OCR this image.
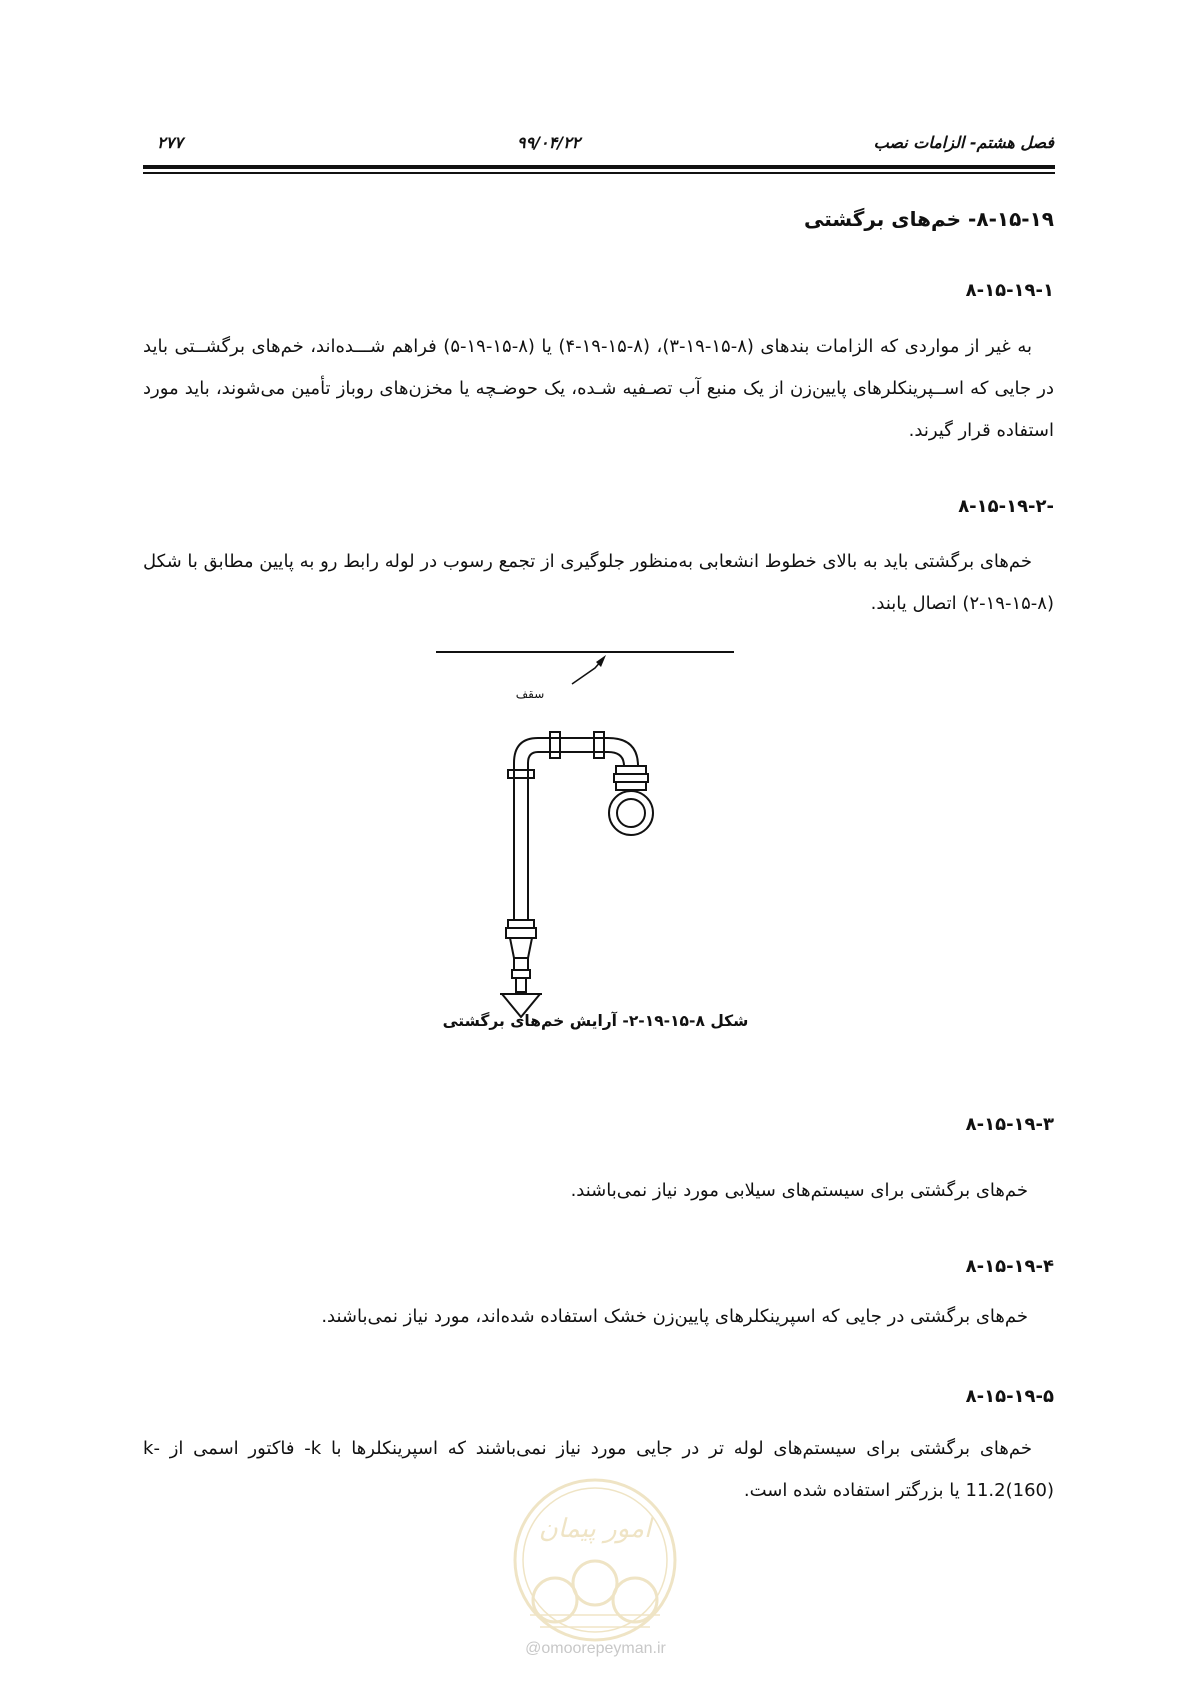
فصل هشتم- الزامات نصب
۹۹/۰۴/۲۲
۲۷۷
۸-۱۵-۱۹- خم‌های برگشتی
۸-۱۵-۱۹-۱
به غیر از مواردی که الزامات بندهای (۸-۱۵-۱۹-۳)، (۸-۱۵-۱۹-۴) یا (۸-۱۵-۱۹-۵) فراهم شـــده‌اند، خم‌های برگشــتی باید در جایی که اســپرینکلرهای پایین‌زن از یک منبع آب تصـفیه شـده، یک حوضـچه یا مخزن‌های روباز تأمین می‌شوند، باید مورد استفاده قرار گیرند.
۸-۱۵-۱۹-۲-
خم‌های برگشتی باید به بالای خطوط انشعابی به‌منظور جلوگیری از تجمع رسوب در لوله رابط رو به پایین مطابق با شکل (۸-۱۵-۱۹-۲) اتصال یابند.
سقف
شکل ۸-۱۵-۱۹-۲- آرایش خم‌های برگشتی
۸-۱۵-۱۹-۳
خم‌های برگشتی برای سیستم‌های سیلابی مورد نیاز نمی‌باشند.
۸-۱۵-۱۹-۴
خم‌های برگشتی در جایی که اسپرینکلرهای پایین‌زن خشک استفاده شده‌اند، مورد نیاز نمی‌باشند.
۸-۱۵-۱۹-۵
خم‌های برگشتی برای سیستم‌های لوله تر در جایی مورد نیاز نمی‌باشند که اسپرینکلرها با k- فاکتور اسمی از -k 11.2(160) یا بزرگتر استفاده شده است.
امور پیمان
@omoorepeyman.ir
